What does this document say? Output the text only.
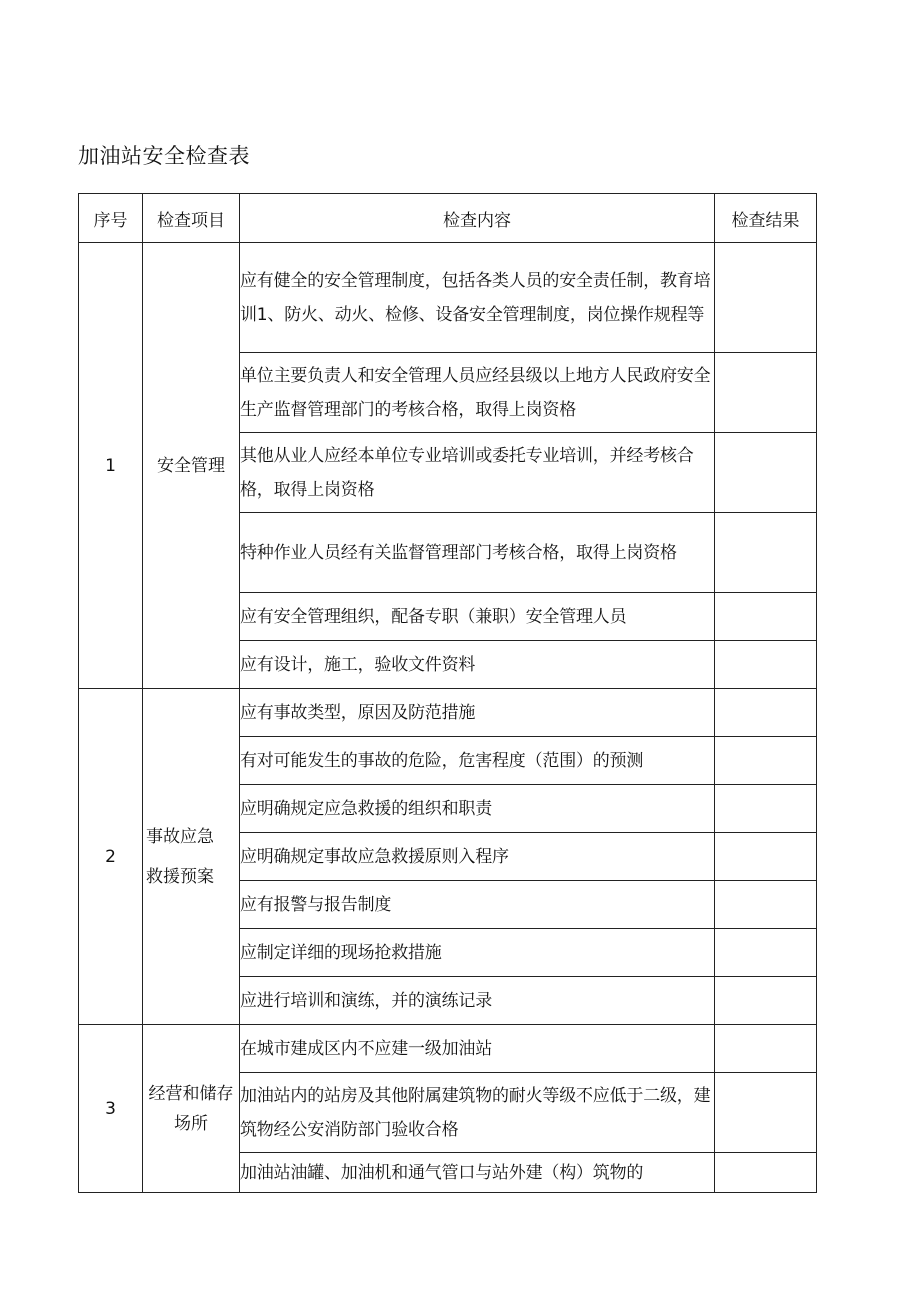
加油站安全检查表
序号	检查项目	检查内容	检查结果
1	安全管理	应有健全的安全管理制度，包括各类人员的安全责任制，教育培训1、防火、动火、检修、设备安全管理制度，岗位操作规程等	
		单位主要负责人和安全管理人员应经县级以上地方人民政府安全生产监督管理部门的考核合格，取得上岗资格	
		其他从业人应经本单位专业培训或委托专业培训，并经考核合格，取得上岗资格	
		特种作业人员经有关监督管理部门考核合格，取得上岗资格	
		应有安全管理组织，配备专职（兼职）安全管理人员	
		应有设计，施工，验收文件资料	
2	事故应急救援预案	应有事故类型，原因及防范措施	
		有对可能发生的事故的危险，危害程度（范围）的预测	
		应明确规定应急救援的组织和职责	
		应明确规定事故应急救援原则入程序	
		应有报警与报告制度	
		应制定详细的现场抢救措施	
		应进行培训和演练，并的演练记录	
3	经营和储存场所	在城市建成区内不应建一级加油站	
		加油站内的站房及其他附属建筑物的耐火等级不应低于二级，建筑物经公安消防部门验收合格	
		加油站油罐、加油机和通气管口与站外建（构）筑物的	
